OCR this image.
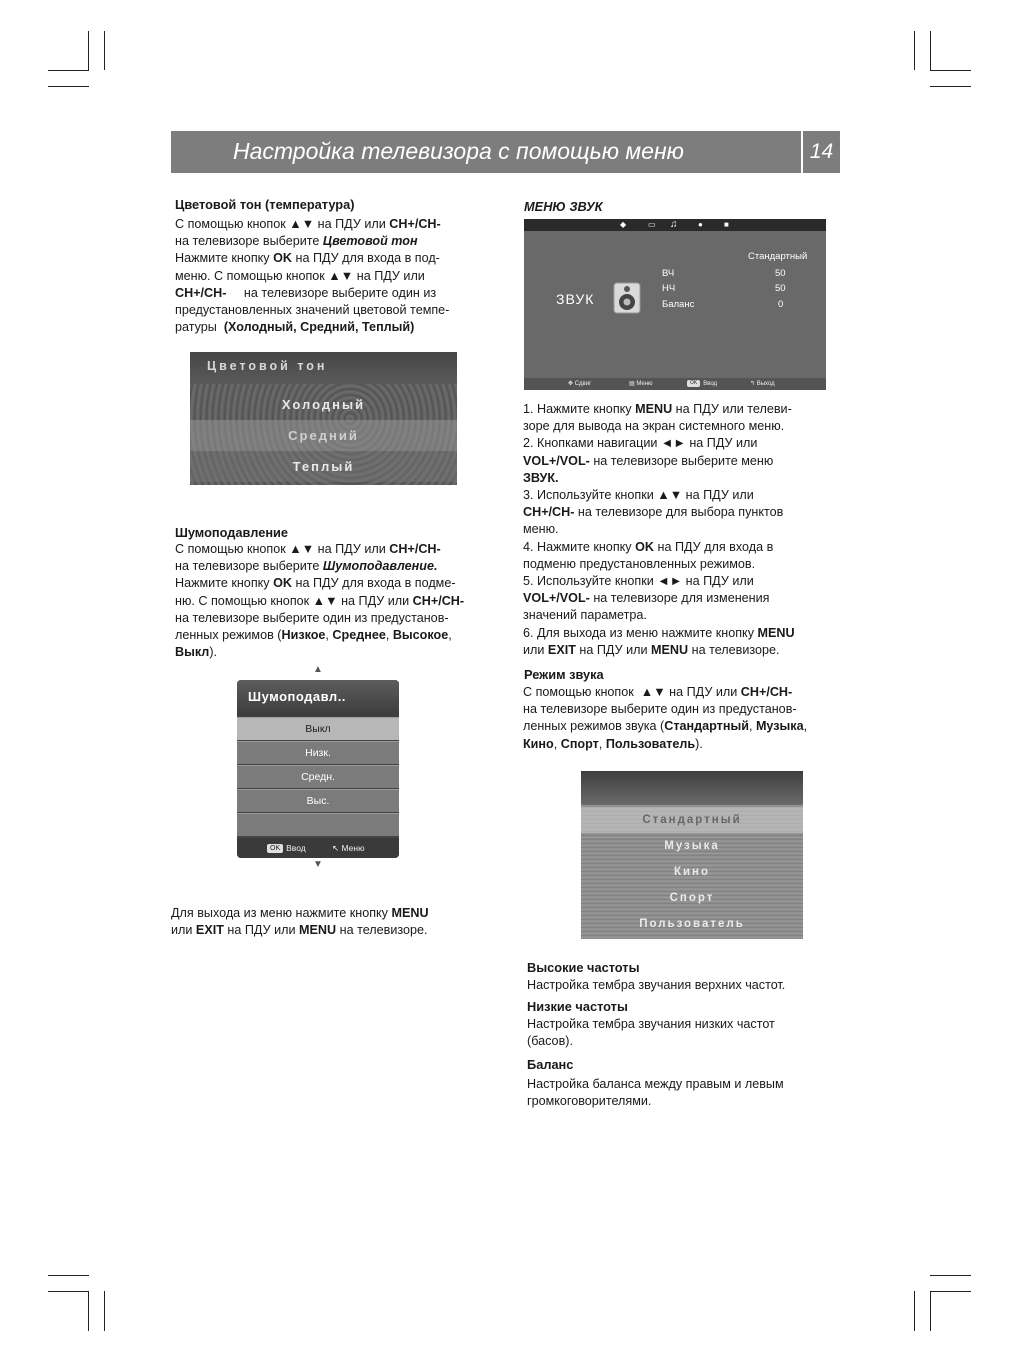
Настройка телевизора с помощью меню	14
Цветовой тон (температура)
С помощью кнопок ▲▼ на ПДУ или CH+/CH-
на телевизоре выберите Цветовой тон
Нажмите кнопку OK на ПДУ для входа в под-
меню. С помощью кнопок ▲▼ на ПДУ или
CH+/CH-     на телевизоре выберите один из
предустановленных значений цветовой темпе-
ратуры  (Холодный, Средний, Теплый)
Цветовой тон
Холодный
Средний
Теплый
Шумоподавление
С помощью кнопок ▲▼ на ПДУ или CH+/CH-
на телевизоре выберите Шумоподавление.
Нажмите кнопку OK на ПДУ для входа в подме-
ню. С помощью кнопок ▲▼ на ПДУ или CH+/CH-
на телевизоре выберите один из предустанов-
ленных режимов (Низкое, Среднее, Высокое,
Выкл).
▲
Шумоподавл..
Выкл
Низк.
Средн.
Выс.
OK Ввод	↖ Меню
▼
Для выхода из меню нажмите кнопку MENU
или EXIT на ПДУ или MENU на телевизоре.
МЕНЮ ЗВУК
◆	▭ ♫	●	■
ЗВУК
Стандартный
ВЧ	50
НЧ	50
Баланс	0
✥ Сдвиг	▤ Меню	OK Ввод	↰ Выход
1. Нажмите кнопку MENU на ПДУ или телеви-
зоре для вывода на экран системного меню.
2. Кнопками навигации ◄► на ПДУ или
VOL+/VOL- на телевизоре выберите меню
ЗВУК.
3. Используйте кнопки ▲▼ на ПДУ или
CH+/CH- на телевизоре для выбора пунктов
меню.
4. Нажмите кнопку OK на ПДУ для входа в
подменю предустановленных режимов.
5. Используйте кнопки ◄► на ПДУ или
VOL+/VOL- на телевизоре для изменения
значений параметра.
6. Для выхода из меню нажмите кнопку MENU
или EXIT на ПДУ или MENU на телевизоре.
Режим звука
С помощью кнопок  ▲▼ на ПДУ или CH+/CH-
на телевизоре выберите один из предустанов-
ленных режимов звука (Стандартный, Музыка,
Кино, Спорт, Пользователь).
Стандартный
Музыка
Кино
Спорт
Пользователь
Высокие частоты
Настройка тембра звучания верхних частот.
Низкие частоты
Настройка тембра звучания низких частот
(басов).
Баланс
Настройка баланса между правым и левым
громкоговорителями.
